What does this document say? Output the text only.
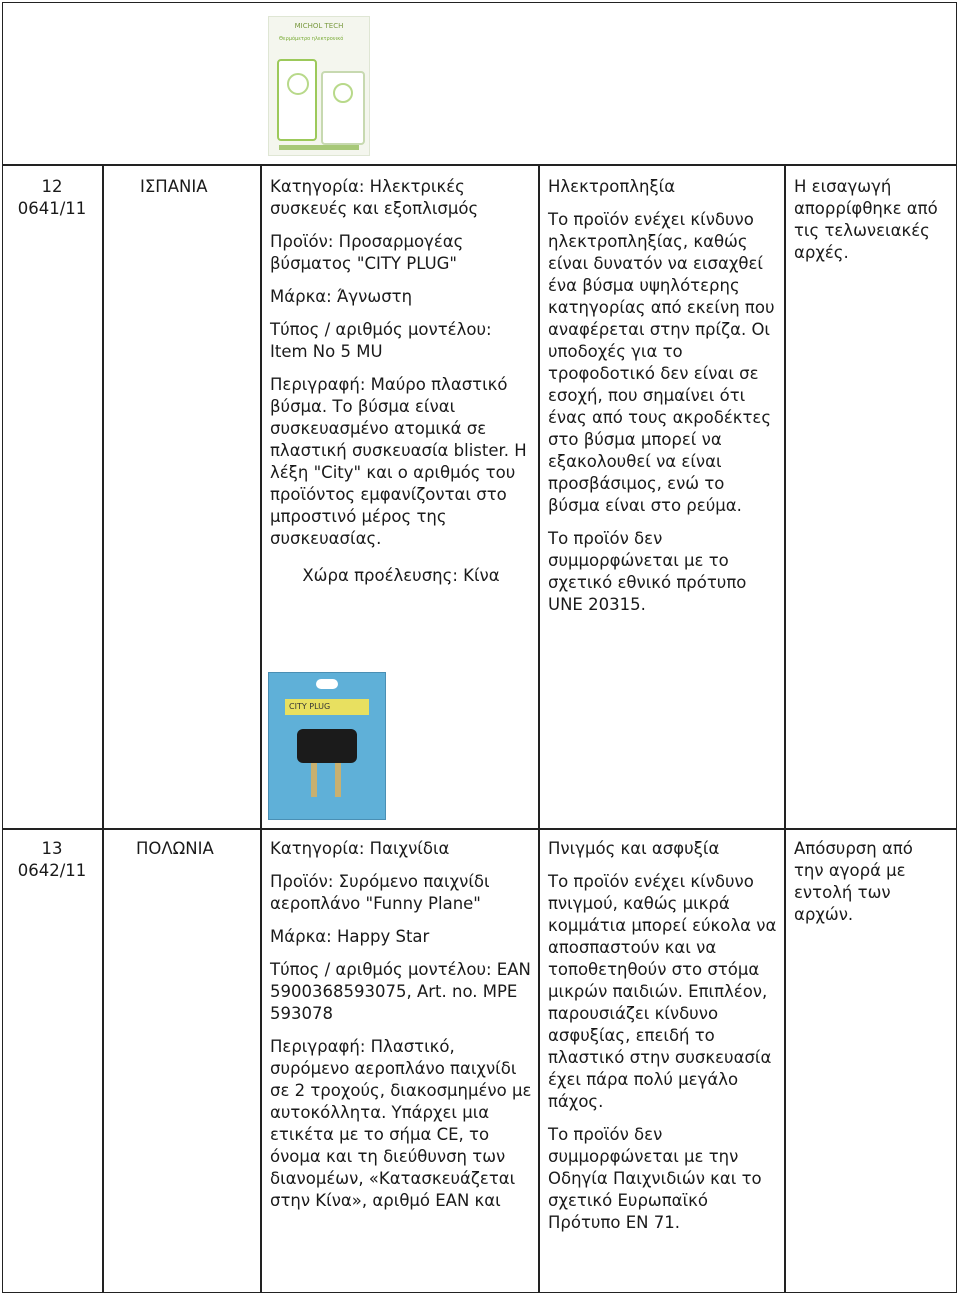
MICHOL TECH
Θερμόμετρο ηλεκτρονικό
12
0641/11
ΙΣΠΑΝΙΑ	Κατηγορία: Ηλεκτρικές συσκευές και εξοπλισμός

Προϊόν: Προσαρμογέας βύσματος "CITY PLUG"

Μάρκα: Άγνωστη

Τύπος / αριθμός μοντέλου: Item No 5 MU

Περιγραφή: Μαύρο πλαστικό βύσμα. Το βύσμα είναι συσκευασμένο ατομικά σε πλαστική συσκευασία blister. Η λέξη "City" και ο αριθμός του προϊόντος εμφανίζονται στο μπροστινό μέρος της συσκευασίας.

Χώρα προέλευσης: Κίνα

Ηλεκτροπληξία

Το προϊόν ενέχει κίνδυνο ηλεκτροπληξίας, καθώς είναι δυνατόν να εισαχθεί ένα βύσμα υψηλότερης κατηγορίας από εκείνη που αναφέρεται στην πρίζα. Οι υποδοχές για το τροφοδοτικό δεν είναι σε εσοχή, που σημαίνει ότι ένας από τους ακροδέκτες στο βύσμα μπορεί να εξακολουθεί να είναι προσβάσιμος, ενώ το βύσμα είναι στο ρεύμα.

Το προϊόν δεν συμμορφώνεται με το σχετικό εθνικό πρότυπο UNE 20315.

Η εισαγωγή απορρίφθηκε από τις τελωνειακές αρχές.

CITY PLUG
13
0642/11
ΠΟΛΩΝΙΑ	Κατηγορία: Παιχνίδια

Προϊόν: Συρόμενο παιχνίδι αεροπλάνο "Funny Plane"

Μάρκα: Happy Star

Τύπος / αριθμός μοντέλου: EAN 5900368593075, Art. no. MPE 593078

Περιγραφή: Πλαστικό, συρόμενο αεροπλάνο παιχνίδι σε 2 τροχούς, διακοσμημένο με αυτοκόλλητα. Υπάρχει μια ετικέτα με το σήμα CE, το όνομα και τη διεύθυνση των διανομέων, «Κατασκευάζεται στην Κίνα», αριθμό EAN και

Πνιγμός και ασφυξία

Το προϊόν ενέχει κίνδυνο πνιγμού, καθώς μικρά κομμάτια μπορεί εύκολα να αποσπαστούν και να τοποθετηθούν στο στόμα μικρών παιδιών. Επιπλέον, παρουσιάζει κίνδυνο ασφυξίας, επειδή το πλαστικό στην συσκευασία έχει πάρα πολύ μεγάλο πάχος.

Το προϊόν δεν συμμορφώνεται με την Οδηγία Παιχνιδιών και το σχετικό Ευρωπαϊκό Πρότυπο EN 71.

Απόσυρση από την αγορά με εντολή των αρχών.
